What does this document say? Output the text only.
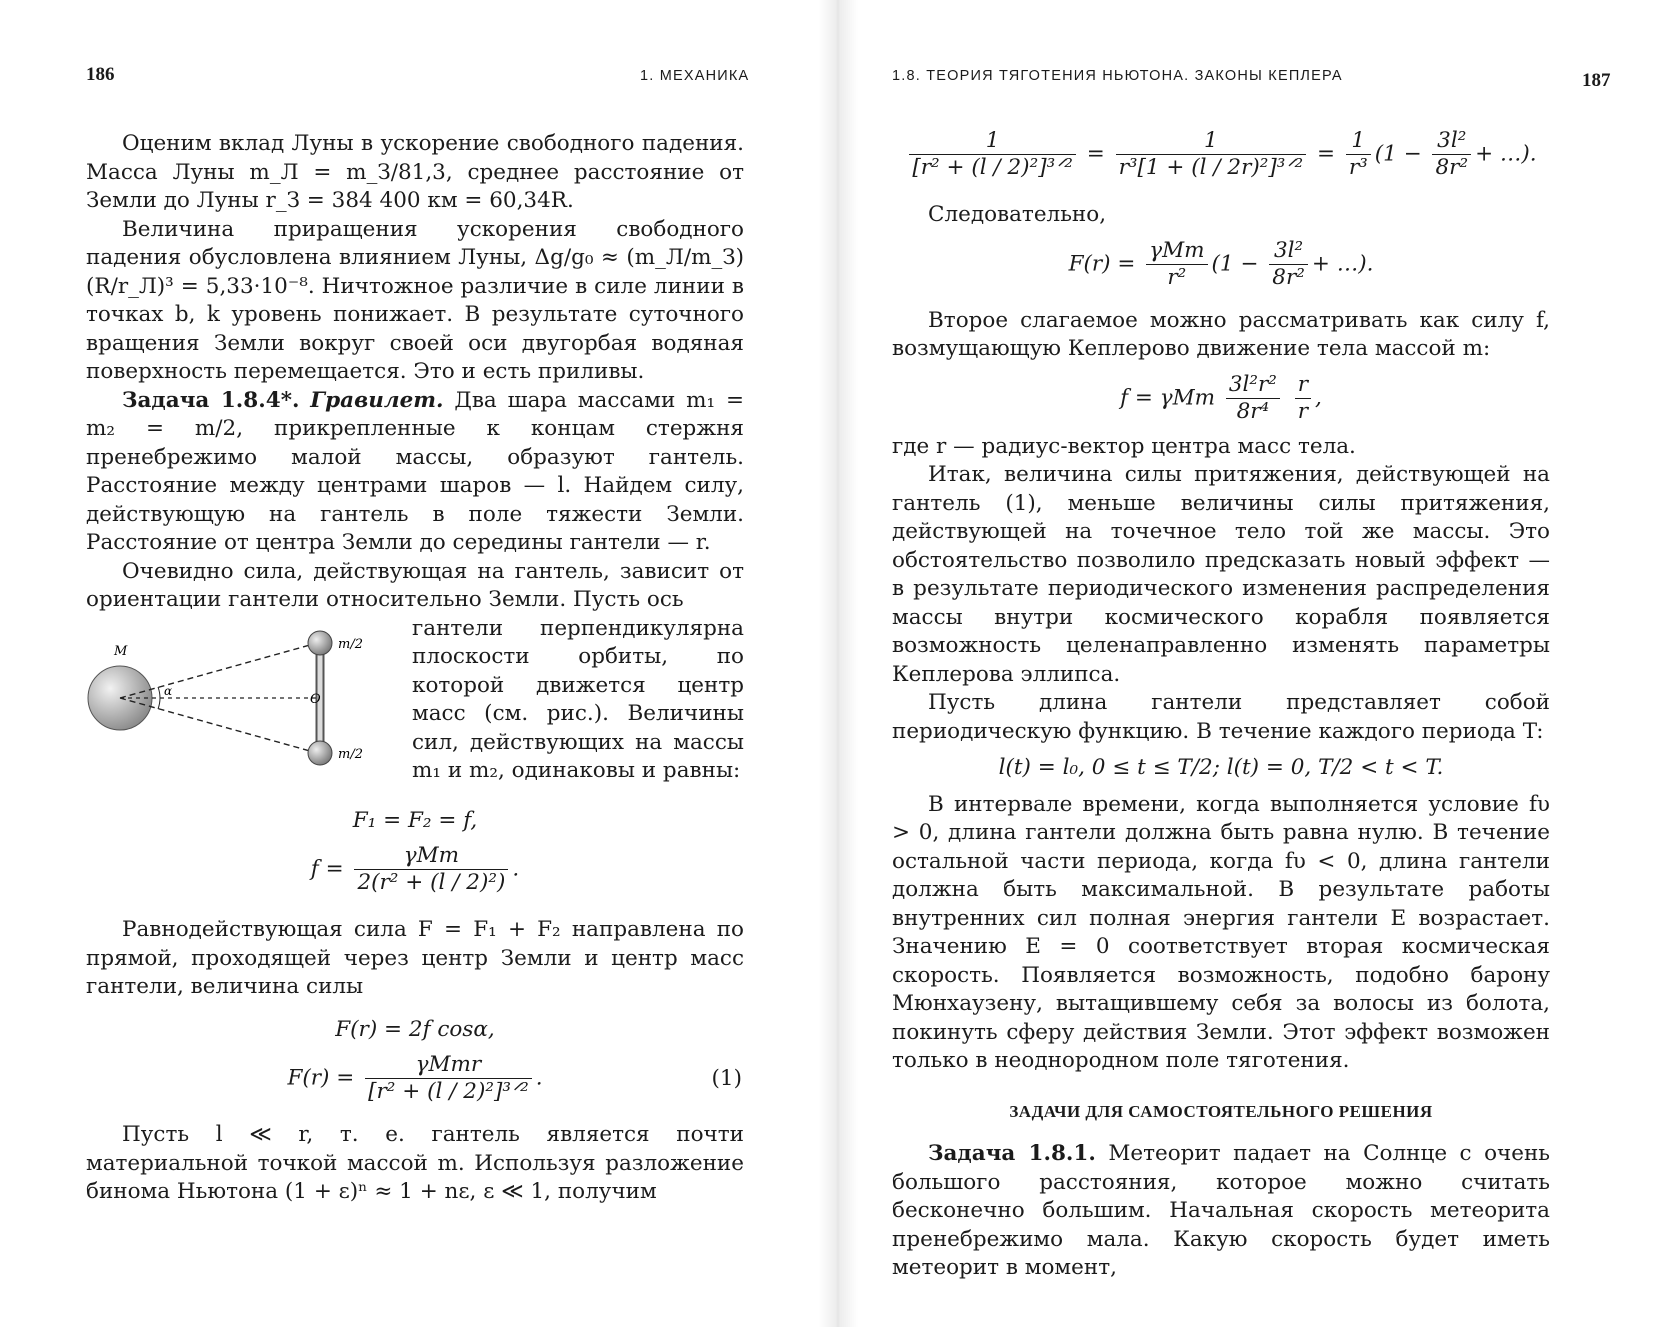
186	1. МЕХАНИКА

Оценим вклад Луны в ускорение свободного падения. Масса Луны m_Л = m_З/81,3, среднее расстояние от Земли до Луны r_З = 384 400 км = 60,34R.

Величина приращения ускорения свободного падения обусловлена влиянием Луны, Δg/g₀ ≈ (m_Л/m_З)(R/r_Л)³ = 5,33·10⁻⁸. Ничтожное различие в силе линии в точках b, k уровень понижает. В результате суточного вращения Земли вокруг своей оси двугорбая водяная поверхность перемещается. Это и есть приливы.

Задача 1.8.4*. Гравилет. Два шара массами m₁ = m₂ = m/2, прикрепленные к концам стержня пренебрежимо малой массы, образуют гантель. Расстояние между центрами шаров — l. Найдем силу, действующую на гантель в поле тяжести Земли. Расстояние от центра Земли до середины гантели — r.

Очевидно сила, действующая на гантель, зависит от ориентации гантели относительно Земли. Пусть ось

M
α
m/2
m/2
O

гантели перпендикулярна плоскости орбиты, по которой движется центр масс (см. рис.). Величины сил, действующих на массы m₁ и m₂, одинаковы и равны:

F₁ = F₂ = f,
$f = \frac{\text{γMm}}{\text{2(r² + (l / 2)²)}}$ .

Равнодействующая сила F = F₁ + F₂ направлена по прямой, проходящей через центр Земли и центр масс гантели, величина силы

F(r) = 2f cosα,
$F(r) = \frac{\text{γMmr}}{\text{[r² + (l / 2)²]³ᐟ²}}$ .	(1)

Пусть l ≪ r, т. е. гантель является почти материальной точкой массой m. Используя разложение бинома Ньютона (1 + ε)ⁿ ≈ 1 + nε, ε ≪ 1, получим

1.8. ТЕОРИЯ ТЯГОТЕНИЯ НЬЮТОНА. ЗАКОНЫ КЕПЛЕРА	187
$\frac{1}{\text{[r² + (l / 2)²]³ᐟ²}} = \frac{1}{\text{r³[1 + (l / 2r)²]³ᐟ²}} = \frac{1}{\text{r³}} (1 - \frac{\text{3l²}}{\text{8r²}}$ + …).

Следовательно,

$F(r) = \frac{\text{γMm}}{\text{r²}} (1 - \frac{\text{3l²}}{\text{8r²}}$ + …).

Второе слагаемое можно рассматривать как силу f, возмущающую Кеплерово движение тела массой m:

f = γMm $\frac{\text{3l²r²}}{\text{8r⁴}}$
$\frac{r}{r}$ ,

где r — радиус-вектор центра масс тела.

Итак, величина силы притяжения, действующей на гантель (1), меньше величины силы притяжения, действующей на точечное тело той же массы. Это обстоятельство позволило предсказать новый эффект — в результате периодического изменения распределения массы внутри космического корабля появляется возможность целенаправленно изменять параметры Кеплерова эллипса.

Пусть длина гантели представляет собой периодическую функцию. В течение каждого периода T:

l(t) = l₀, 0 ≤ t ≤ T/2; l(t) = 0, T/2 < t < T.

В интервале времени, когда выполняется условие fυ > 0, длина гантели должна быть равна нулю. В течение остальной части периода, когда fυ < 0, длина гантели должна быть максимальной. В результате работы внутренних сил полная энергия гантели E возрастает. Значению E = 0 соответствует вторая космическая скорость. Появляется возможность, подобно барону Мюнхаузену, вытащившему себя за волосы из болота, покинуть сферу действия Земли. Этот эффект возможен только в неоднородном поле тяготения.

ЗАДАЧИ ДЛЯ САМОСТОЯТЕЛЬНОГО РЕШЕНИЯ

Задача 1.8.1. Метеорит падает на Солнце с очень большого расстояния, которое можно считать бесконечно большим. Начальная скорость метеорита пренебрежимо мала. Какую скорость будет иметь метеорит в момент,
